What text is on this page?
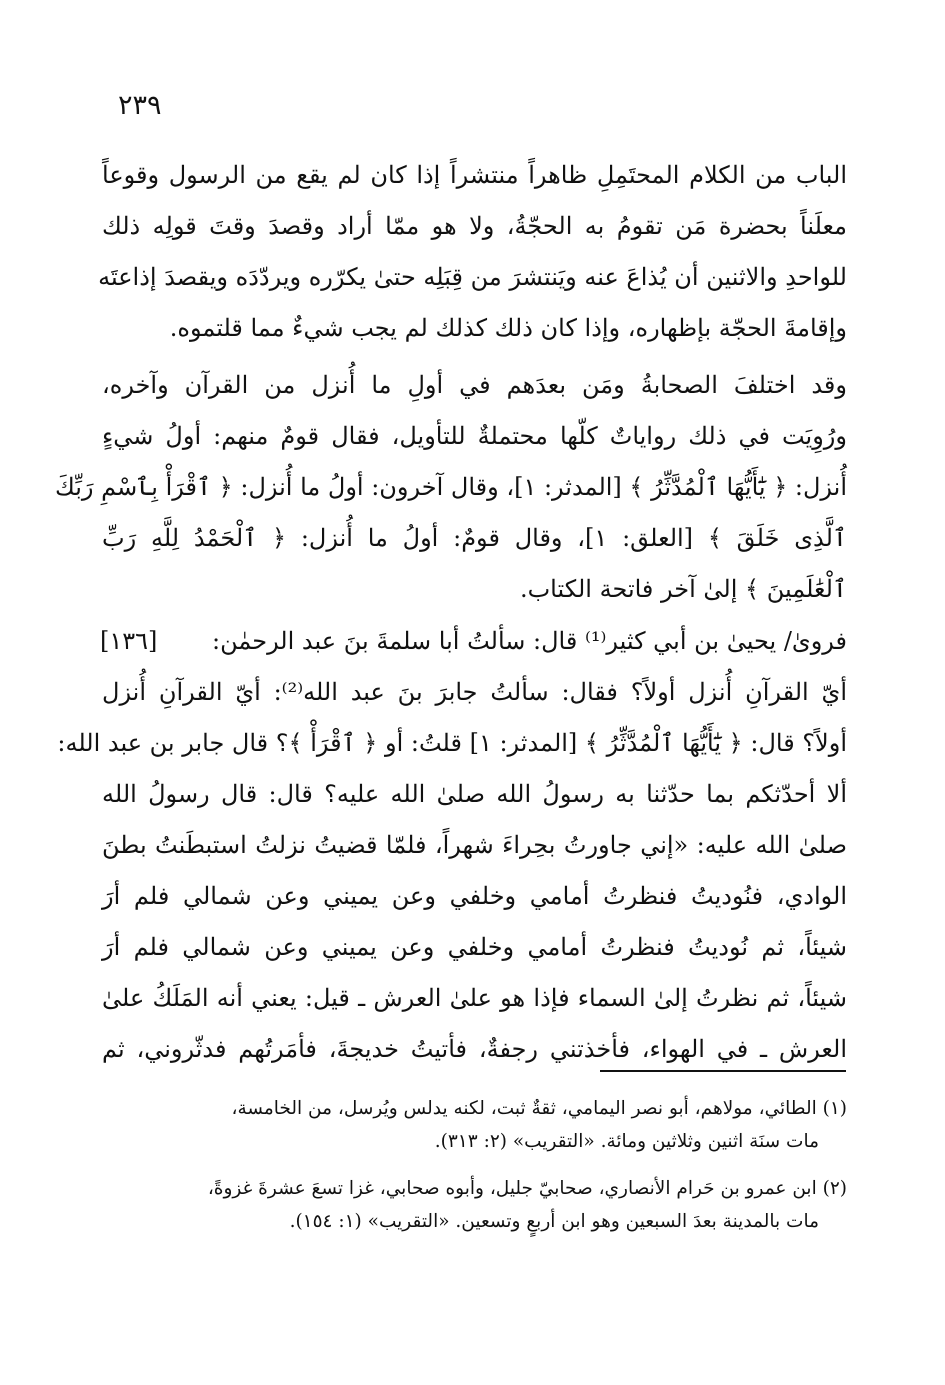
٢٣٩
الباب من الكلام المحتَمِلِ ظاهراً منتشراً إذا كان لم يقع من الرسول وقوعاً
معلَناً بحضرة مَن تقومُ به الحجّةُ، ولا هو ممّا أراد وقصدَ وقتَ قولِه ذلك
للواحدِ والاثنين أن يُذاعَ عنه ويَنتشرَ من قِبَلِه حتىٰ يكرّره ويردّدَه ويقصدَ إذاعتَه
وإقامةَ الحجّة بإظهاره، وإذا كان ذلك كذلك لم يجب شيءٌ مما قلتموه.
وقد اختلفَ الصحابةُ ومَن بعدَهم في أولِ ما أُنزل من القرآن وآخره،
ورُوِيَت في ذلك رواياتٌ كلّها محتملةٌ للتأويل، فقال قومٌ منهم: أولُ شيءٍ
أُنزل: ﴿ يَٰٓأَيُّهَا ٱلْمُدَّثِّرُ ﴾ [المدثر: ١]، وقال آخرون: أولُ ما أُنزل: ﴿ ٱقْرَأْ بِٱسْمِ رَبِّكَ
ٱلَّذِى خَلَقَ ﴾ [العلق: ١]، وقال قومٌ: أولُ ما أُنزل: ﴿ ٱلْحَمْدُ لِلَّهِ رَبِّ
ٱلْعَٰلَمِينَ ﴾ إلىٰ آخر فاتحة الكتاب.
[١٣٦] فروىٰ/ يحيىٰ بن أبي كثير⁽¹⁾ قال: سألتُ أبا سلمةَ بنَ عبد الرحمٰن:
أيّ القرآنِ أُنزل أولاً؟ فقال: سألتُ جابرَ بنَ عبد الله⁽²⁾: أيّ القرآنِ أُنزل
أولاً؟ قال: ﴿ يَٰٓأَيُّهَا ٱلْمُدَّثِّرُ ﴾ [المدثر: ١] قلتُ: أو ﴿ ٱقْرَأْ ﴾؟ قال جابر بن عبد الله:
ألا أحدّثكم بما حدّثنا به رسولُ الله صلىٰ الله عليه؟ قال: قال رسولُ الله
صلىٰ الله عليه: «إني جاورتُ بحِراءَ شهراً، فلمّا قضيتُ نزلتُ استبطَنتُ بطنَ
الوادي، فنُوديتُ فنظرتُ أمامي وخلفي وعن يميني وعن شمالي فلم أرَ
شيئاً، ثم نُوديتُ فنظرتُ أمامي وخلفي وعن يميني وعن شمالي فلم أرَ
شيئاً، ثم نظرتُ إلىٰ السماء فإذا هو علىٰ العرش ـ قيل: يعني أنه المَلَكُ علىٰ
العرش ـ في الهواء، فأخذتني رجفةٌ، فأتيتُ خديجةَ، فأمَرتُهم فدثّروني، ثم
(١) الطائي، مولاهم، أبو نصر اليمامي، ثقةٌ ثبت، لكنه يدلس ويُرسل، من الخامسة،
مات سنَة اثنين وثلاثين ومائة. «التقريب» (٢: ٣١٣).
(٢) ابن عمرو بن حَرام الأنصاري، صحابيّ جليل، وأبوه صحابي، غزا تسعَ عشرةَ غزوةً،
مات بالمدينة بعدَ السبعين وهو ابن أربعٍ وتسعين. «التقريب» (١: ١٥٤).
